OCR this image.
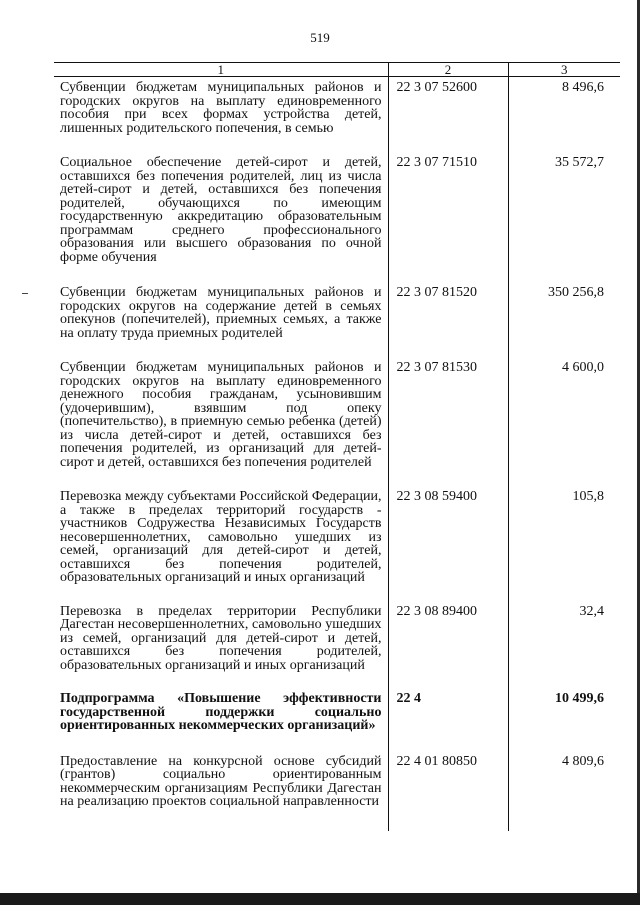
519
1	2	3
Субвенции бюджетам муниципальных районов и городских округов на выплату единовременного пособия при всех формах устройства детей, лишенных родительского попечения, в семью	22 3 07 52600	8 496,6
Социальное обеспечение детей-сирот и детей, оставшихся без попечения родителей, лиц из числа детей-сирот и детей, оставшихся без попечения родителей, обучающихся по имеющим государственную аккредитацию образовательным программам среднего профессионального образования или высшего образования по очной форме обучения	22 3 07 71510	35 572,7
Субвенции бюджетам муниципальных районов и городских округов на содержание детей в семьях опекунов (попечителей), приемных семьях, а также на оплату труда приемных родителей	22 3 07 81520	350 256,8
Субвенции бюджетам муниципальных районов и городских округов на выплату единовременного денежного пособия гражданам, усыновившим (удочерившим), взявшим под опеку (попечительство), в приемную семью ребенка (детей) из числа детей-сирот и детей, оставшихся без попечения родителей, из организаций для детей-сирот и детей, оставшихся без попечения родителей	22 3 07 81530	4 600,0
Перевозка между субъектами Российской Федерации, а также в пределах территорий государств - участников Содружества Независимых Государств несовершеннолетних, самовольно ушедших из семей, организаций для детей-сирот и детей, оставшихся без попечения родителей, образовательных организаций и иных организаций	22 3 08 59400	105,8
Перевозка в пределах территории Республики Дагестан несовершеннолетних, самовольно ушедших из семей, организаций для детей-сирот и детей, оставшихся без попечения родителей, образовательных организаций и иных организаций	22 3 08 89400	32,4
Подпрограмма «Повышение эффективности государственной поддержки социально ориентированных некоммерческих организаций»	22 4	10 499,6
Предоставление на конкурсной основе субсидий (грантов) социально ориентированным некоммерческим организациям Республики Дагестан на реализацию проектов социальной направленности	22 4 01 80850	4 809,6
